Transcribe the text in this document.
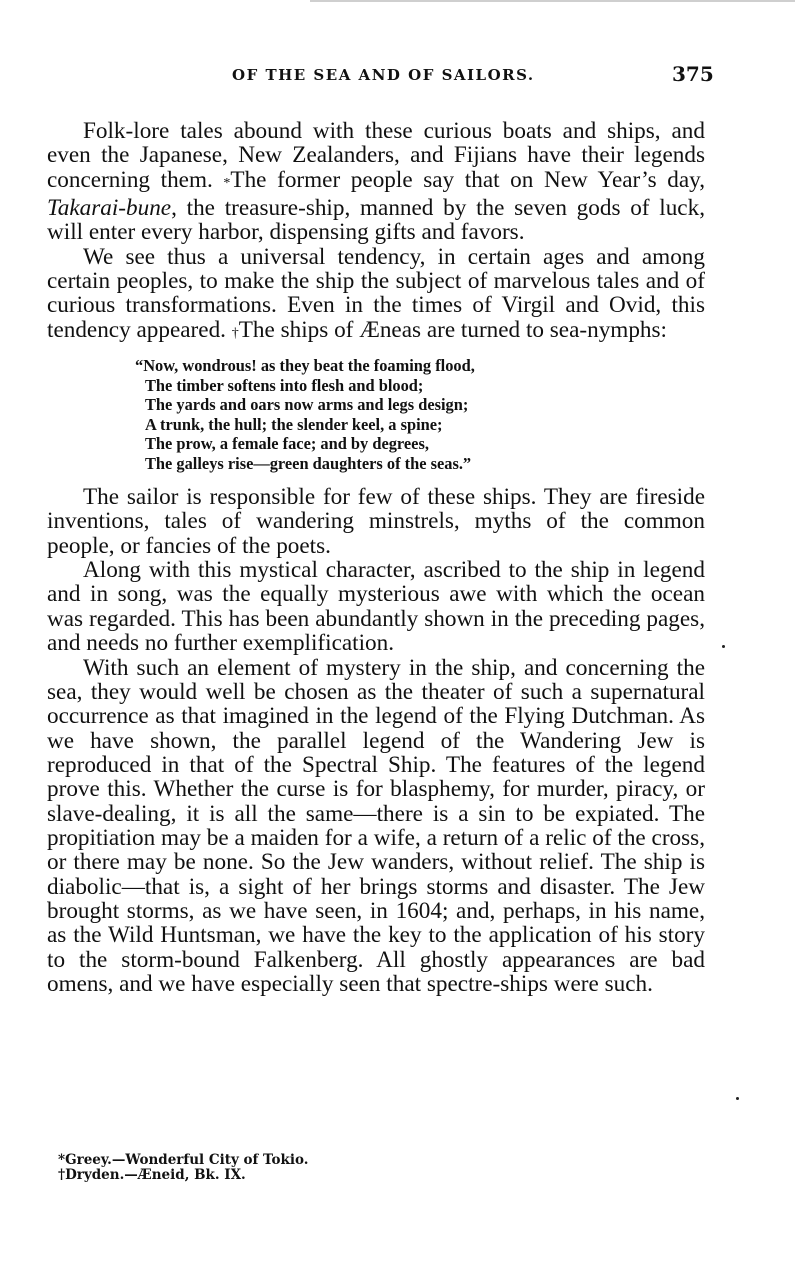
OF THE SEA AND OF SAILORS.	375

Folk-lore tales abound with these curious boats and ships, and even the Japanese, New Zealanders, and Fijians have their legends concerning them. *The former people say that on New Year’s day, Takarai-bune, the treasure-ship, manned by the seven gods of luck, will enter every harbor, dispensing gifts and favors.

We see thus a universal tendency, in certain ages and among certain peoples, to make the ship the subject of marvelous tales and of curious transformations. Even in the times of Virgil and Ovid, this tendency appeared. †The ships of Æneas are turned to sea-nymphs:

“Now, wondrous! as they beat the foaming flood,
The timber softens into flesh and blood;
The yards and oars now arms and legs design;
A trunk, the hull; the slender keel, a spine;
The prow, a female face; and by degrees,
The galleys rise—green daughters of the seas.”

The sailor is responsible for few of these ships. They are fireside inventions, tales of wandering minstrels, myths of the common people, or fancies of the poets.

Along with this mystical character, ascribed to the ship in legend and in song, was the equally mysterious awe with which the ocean was regarded. This has been abundantly shown in the preceding pages, and needs no further exemplification.

With such an element of mystery in the ship, and concerning the sea, they would well be chosen as the theater of such a supernatural occurrence as that imagined in the legend of the Flying Dutchman. As we have shown, the parallel legend of the Wandering Jew is reproduced in that of the Spectral Ship. The features of the legend prove this. Whether the curse is for blasphemy, for murder, piracy, or slave-dealing, it is all the same—there is a sin to be expiated. The propitiation may be a maiden for a wife, a return of a relic of the cross, or there may be none. So the Jew wanders, without relief. The ship is diabolic—that is, a sight of her brings storms and disaster. The Jew brought storms, as we have seen, in 1604; and, perhaps, in his name, as the Wild Huntsman, we have the key to the application of his story to the storm-bound Falkenberg. All ghostly appearances are bad omens, and we have especially seen that spectre-ships were such.

*Greey.—Wonderful City of Tokio.
†Dryden.—Æneid, Bk. IX.
